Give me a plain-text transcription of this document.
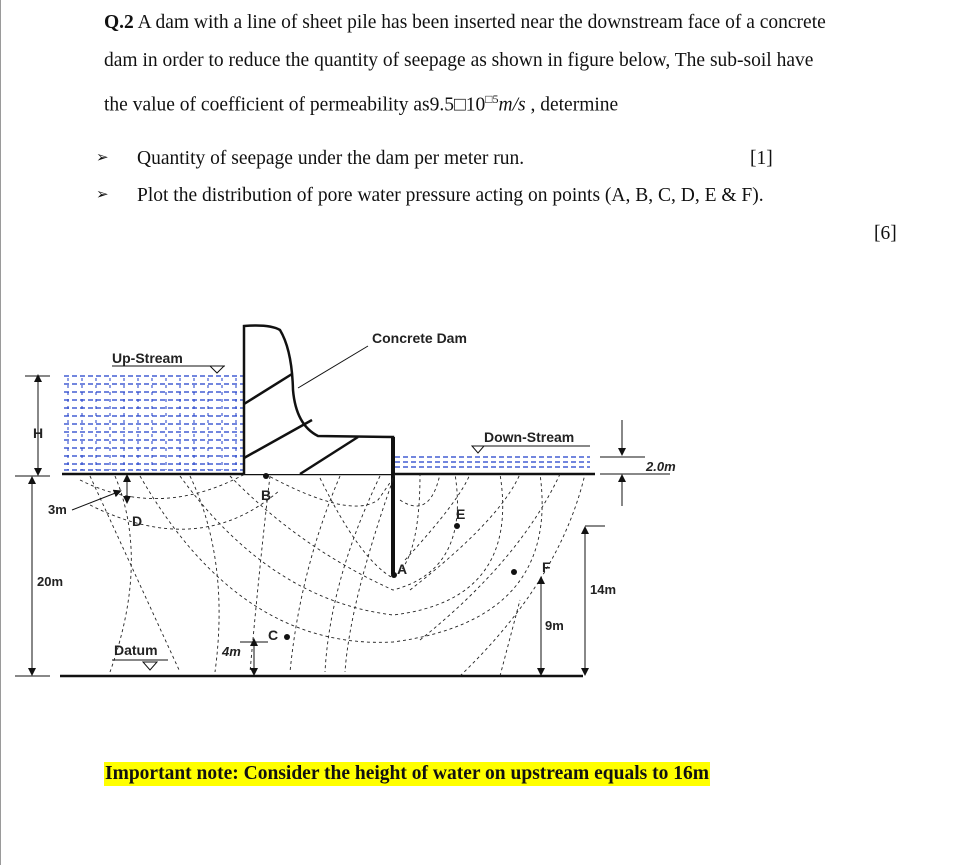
Q.2 A dam with a line of sheet pile has been inserted near the downstream face of a concrete
dam in order to reduce the quantity of seepage as shown in figure below, The sub-soil have
the value of coefficient of permeability $as9.5□10^{□5}m/s$ , determine
➢ Quantity of seepage under the dam per meter run.	[1]
➢ Plot the distribution of pore water pressure acting on points (A, B, C, D, E & F).
[6]
Concrete Dam
Up-Stream
Down-Stream
H
20m
3m
2.0m
14m
9m
4m
Datum
B
D	E
A	F
C
Important note: Consider the height of water on upstream equals to 16m
